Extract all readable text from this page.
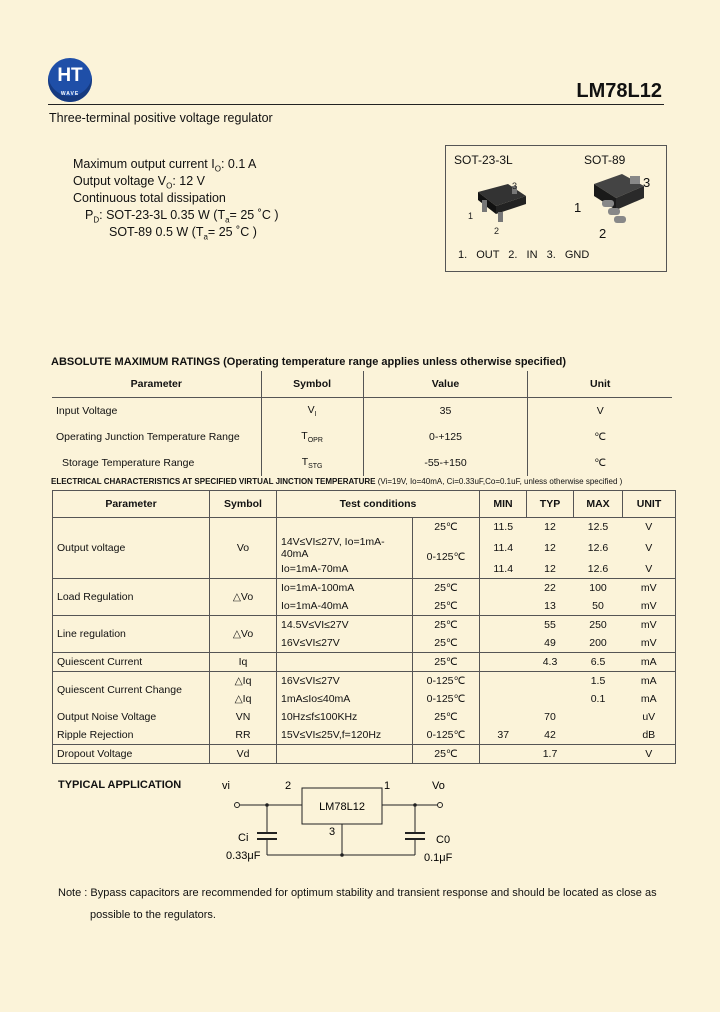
HT
WAVE	LM78L12
Three-terminal positive voltage regulator
Maximum output current $I_O$: 0.1 A
Output voltage $V_O$: 12 V
Continuous total dissipation
$P_D$: SOT-23-3L 0.35 W ($T_a= 25$ ˚C )
SOT-89 0.5 W ($T_a= 25$ ˚C )
SOT-23-3L	SOT-89
1
2
3
1
2
3
1. OUT 2. IN 3. GND
ABSOLUTE MAXIMUM RATINGS (Operating temperature range applies unless otherwise specified)
Parameter	Symbol	Value	Unit
Input Voltage	$V_I$	35	V
Operating Junction Temperature Range	$T_{OPR}$	0-+125	℃
Storage Temperature Range	$T_{STG}$	-55-+150	℃
ELECTRICAL CHARACTERISTICS AT SPECIFIED VIRTUAL JINCTION TEMPERATURE (Vi=19V, Io=40mA, Ci=0.33uF,Co=0.1uF, unless otherwise specified )
Parameter	Symbol	Test conditions		MIN	TYP	MAX	UNIT
Output voltage	Vo		25℃	11.5	12	12.5	V
		14V≤VI≤27V, Io=1mA-40mA	0-125℃	11.4	12	12.6	V
		Io=1mA-70mA		11.4	12	12.6	V
Load Regulation	△Vo	Io=1mA-100mA	25℃		22	100	mV
		Io=1mA-40mA	25℃		13	50	mV
Line regulation	△Vo	14.5V≤VI≤27V	25℃		55	250	mV
		16V≤VI≤27V	25℃		49	200	mV
Quiescent Current	Iq		25℃		4.3	6.5	mA
Quiescent Current Change	△Iq	16V≤VI≤27V	0-125℃			1.5	mA
	△Iq	1mA≤Io≤40mA	0-125℃			0.1	mA
Output Noise Voltage	VN	10Hz≤f≤100KHz	25℃		70		uV
Ripple Rejection	RR	15V≤VI≤25V,f=120Hz	0-125℃	37	42		dB
Dropout Voltage	Vd		25℃		1.7		V
TYPICAL APPLICATION	vi	2	1	Vo
LM78L12
3
Ci
0.33μF
C0
0.1μF
Note : Bypass capacitors are recommended for optimum stability and transient response and should be located as close as
possible to the regulators.
